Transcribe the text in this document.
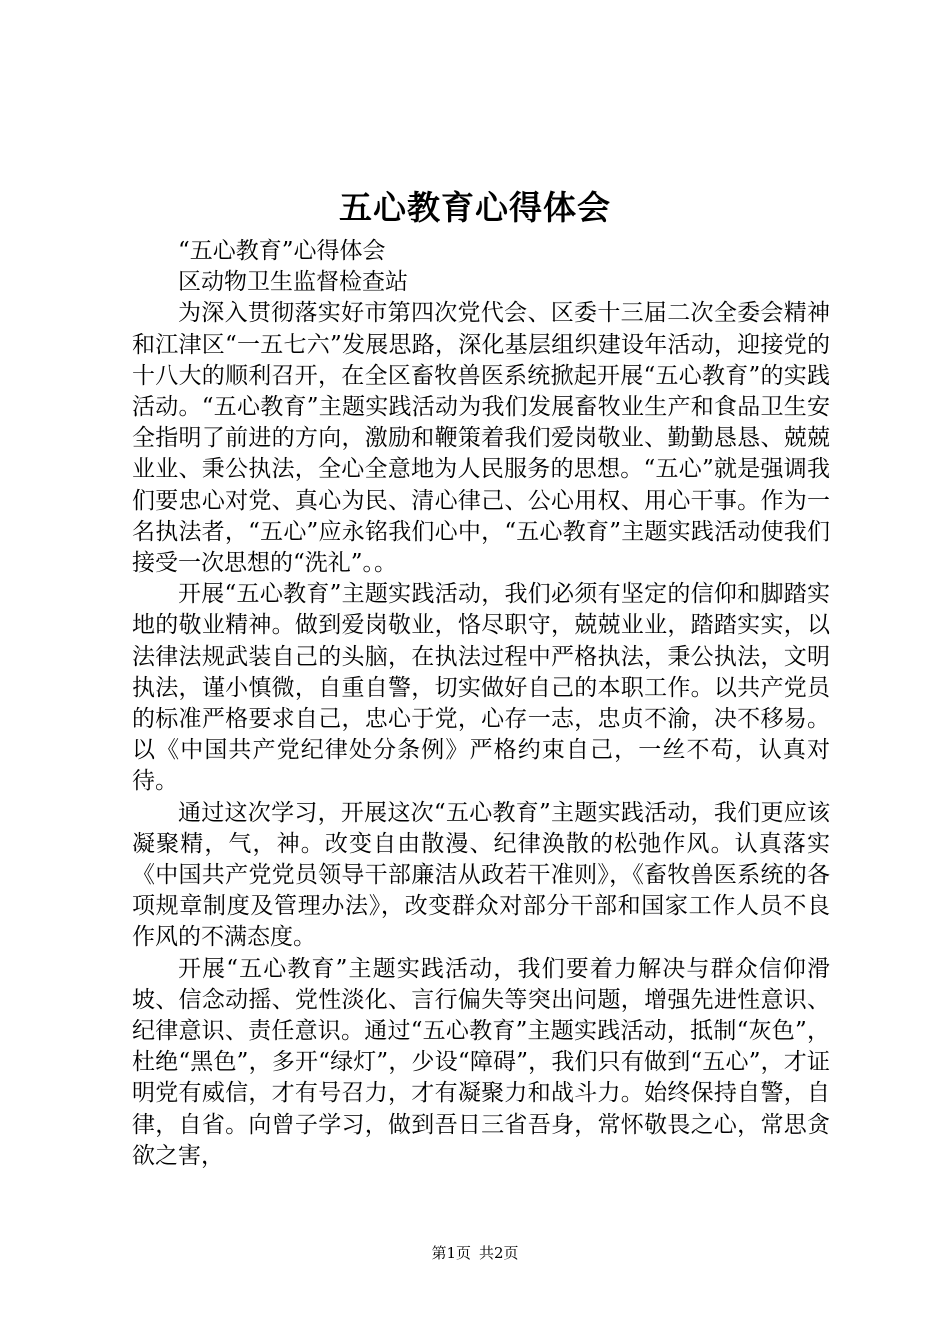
五心教育心得体会

“五心教育”心得体会

区动物卫生监督检查站

为深入贯彻落实好市第四次党代会、区委十三届二次全委会精神和江津区“一五七六”发展思路，深化基层组织建设年活动，迎接党的十八大的顺利召开，在全区畜牧兽医系统掀起开展“五心教育”的实践活动。“五心教育”主题实践活动为我们发展畜牧业生产和食品卫生安全指明了前进的方向，激励和鞭策着我们爱岗敬业、勤勤恳恳、兢兢业业、秉公执法，全心全意地为人民服务的思想。“五心”就是强调我们要忠心对党、真心为民、清心律己、公心用权、用心干事。作为一名执法者，“五心”应永铭我们心中，“五心教育”主题实践活动使我们接受一次思想的“洗礼”。。

开展“五心教育”主题实践活动，我们必须有坚定的信仰和脚踏实地的敬业精神。做到爱岗敬业，恪尽职守，兢兢业业，踏踏实实，以法律法规武装自己的头脑，在执法过程中严格执法，秉公执法，文明执法，谨小慎微，自重自警，切实做好自己的本职工作。以共产党员的标准严格要求自己，忠心于党，心存一志，忠贞不渝，决不移易。以《中国共产党纪律处分条例》严格约束自己，一丝不苟，认真对待。

通过这次学习，开展这次“五心教育”主题实践活动，我们更应该凝聚精，气，神。改变自由散漫、纪律涣散的松弛作风。认真落实《中国共产党党员领导干部廉洁从政若干准则》，《畜牧兽医系统的各项规章制度及管理办法》，改变群众对部分干部和国家工作人员不良作风的不满态度。

开展“五心教育”主题实践活动，我们要着力解决与群众信仰滑坡、信念动摇、党性淡化、言行偏失等突出问题，增强先进性意识、纪律意识、责任意识。通过“五心教育”主题实践活动，抵制“灰色”，杜绝“黑色”，多开“绿灯”，少设“障碍”，我们只有做到“五心”，才证明党有威信，才有号召力，才有凝聚力和战斗力。始终保持自警，自律，自省。向曾子学习，做到吾日三省吾身，常怀敬畏之心，常思贪欲之害，

第1页 共2页
